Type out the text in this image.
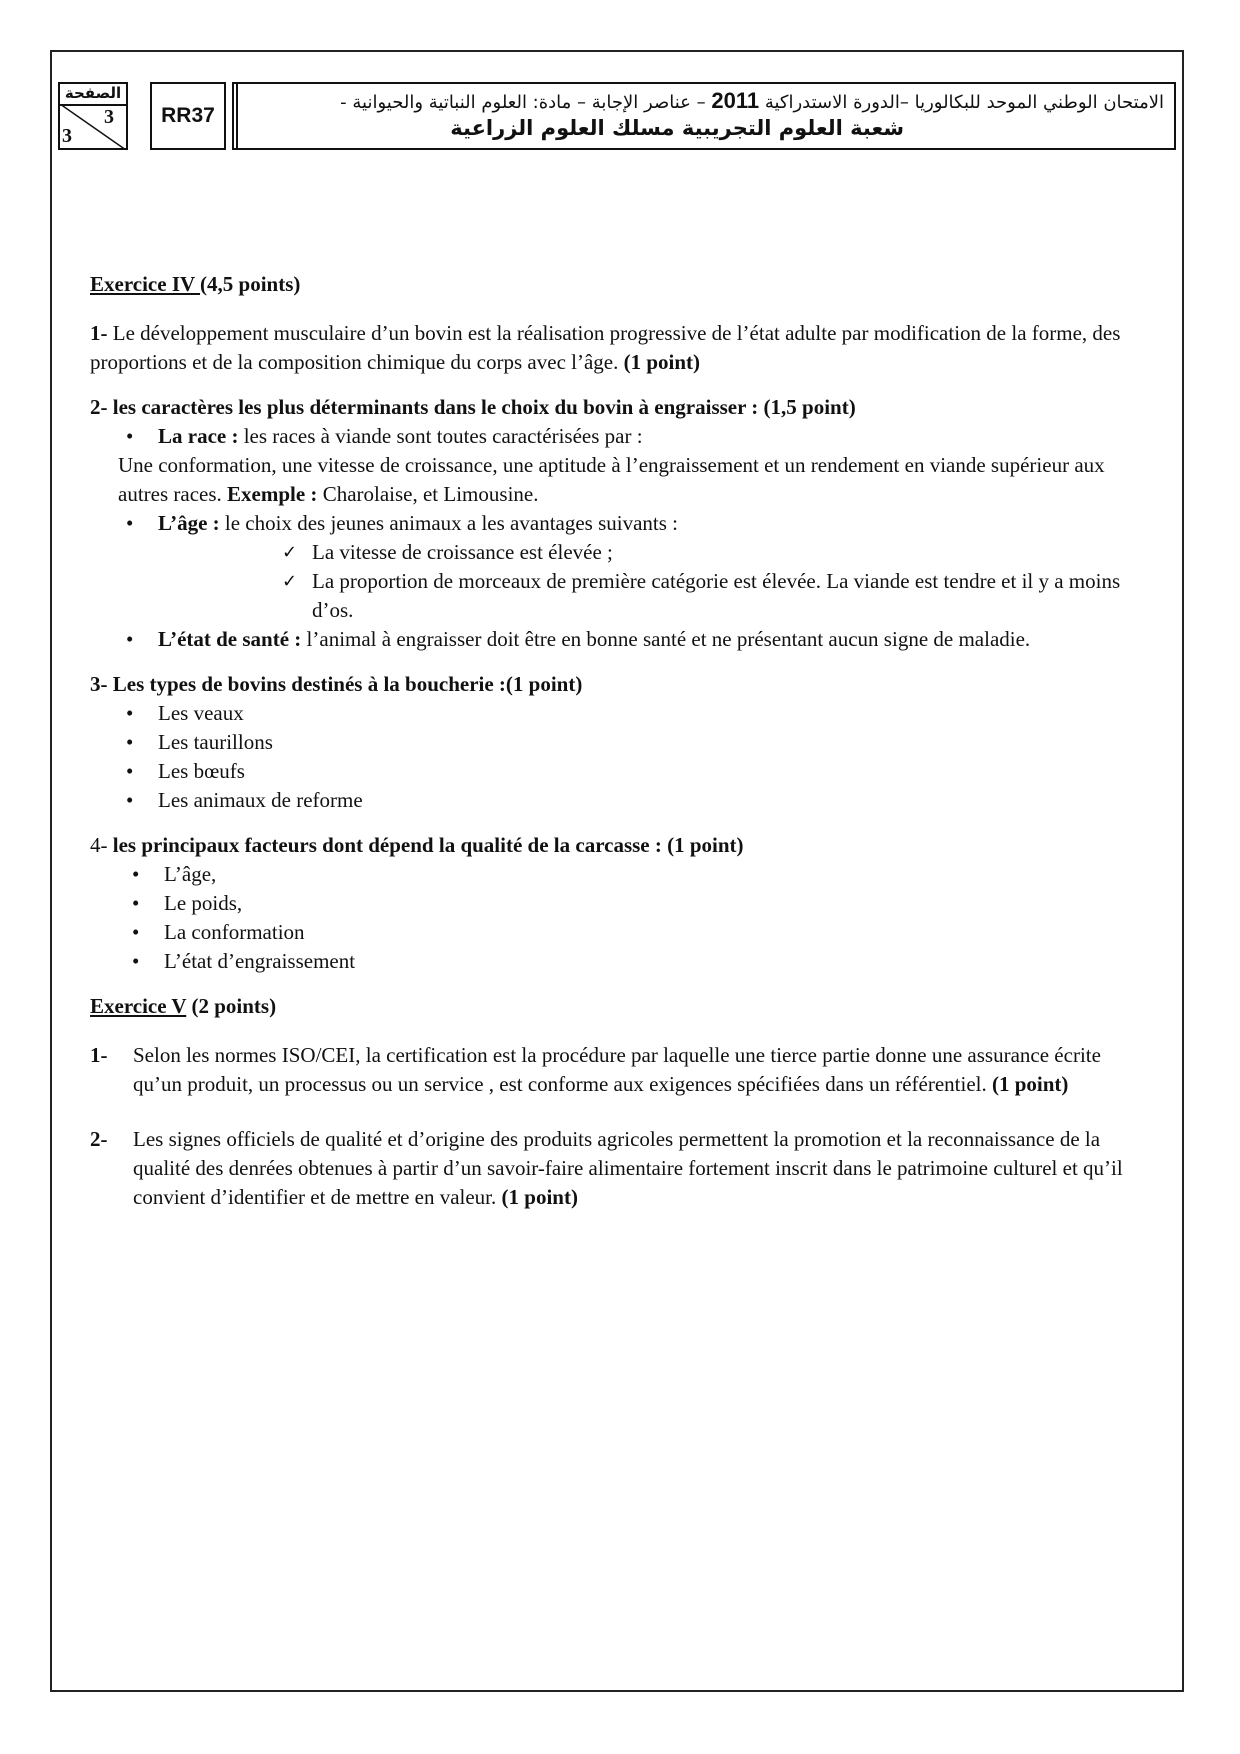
الصفحة
3
3
RR37
الامتحان الوطني الموحد للبكالوريا –الدورة الاستدراكية 2011 – عناصر الإجابة – مادة: العلوم النباتية والحيوانية -
شعبة العلوم التجريبية مسلك العلوم الزراعية

Exercice IV (4,5 points)

1- Le développement musculaire d’un bovin est la réalisation progressive de l’état adulte par modification de la forme, des proportions et de la composition chimique du corps avec l’âge. (1 point)

2- les caractères les plus déterminants dans le choix du bovin à engraisser : (1,5 point)

• La race : les races à viande sont toutes caractérisées par :

Une conformation, une vitesse de croissance, une aptitude à l’engraissement et un rendement en viande supérieur aux autres races. Exemple : Charolaise, et Limousine.

• L’âge : le choix des jeunes animaux a les avantages suivants :
✓ La vitesse de croissance est élevée ;
✓ La proportion de morceaux de première catégorie est élevée. La viande est tendre et il y a moins d’os.
• L’état de santé : l’animal à engraisser doit être en bonne santé et ne présentant aucun signe de maladie.

3- Les types de bovins destinés à la boucherie :(1 point)

• Les veaux
• Les taurillons
• Les bœufs
• Les animaux de reforme

4- les principaux facteurs dont dépend la qualité de la carcasse : (1 point)

• L’âge,
• Le poids,
• La conformation
• L’état d’engraissement

Exercice V (2 points)

1- Selon les normes ISO/CEI, la certification est la procédure par laquelle une tierce partie donne une assurance écrite qu’un produit, un processus ou un service , est conforme aux exigences spécifiées dans un référentiel. (1 point)
2- Les signes officiels de qualité et d’origine des produits agricoles permettent la promotion et la reconnaissance de la qualité des denrées obtenues à partir d’un savoir-faire alimentaire fortement inscrit dans le patrimoine culturel et qu’il convient d’identifier et de mettre en valeur. (1 point)
